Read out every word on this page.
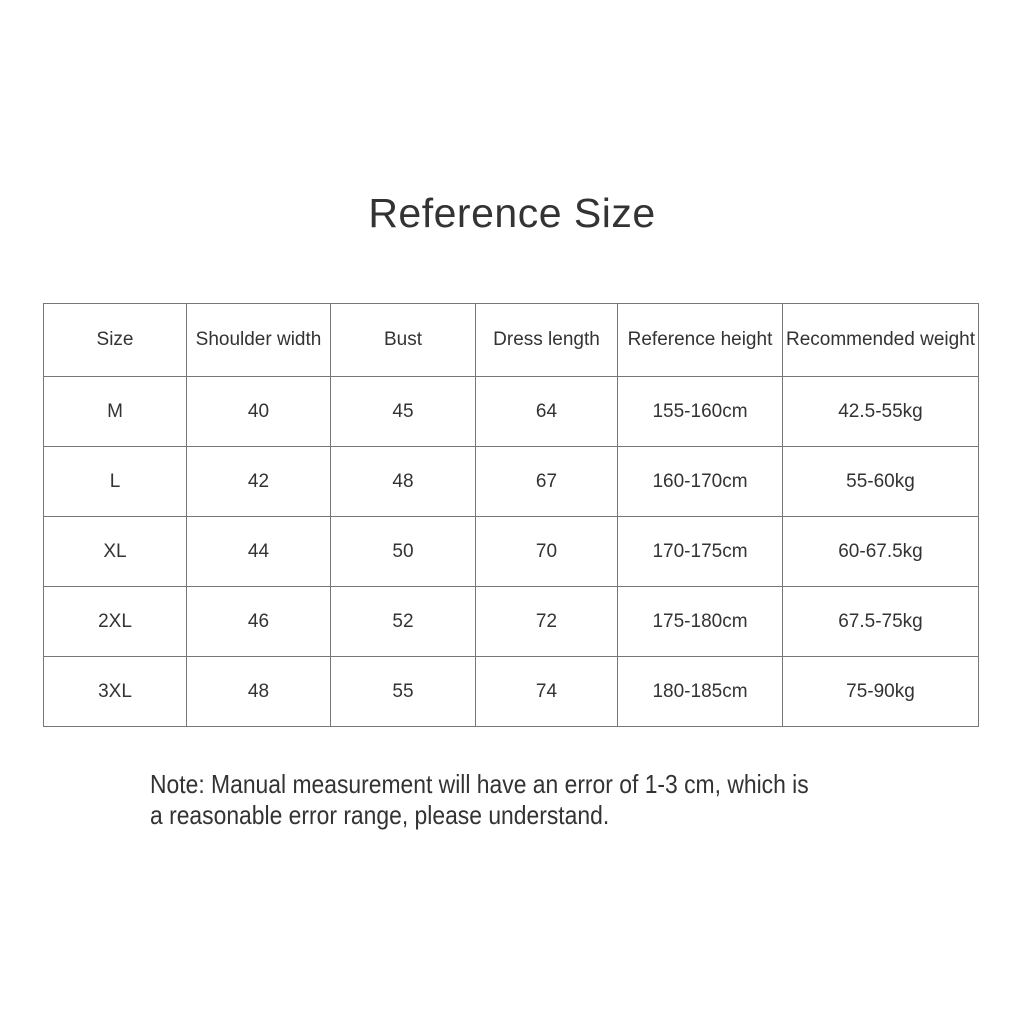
Reference Size
Size	Shoulder width	Bust	Dress length	Reference height	Recommended weight
M	40	45	64	155-160cm	42.5-55kg
L	42	48	67	160-170cm	55-60kg
XL	44	50	70	170-175cm	60-67.5kg
2XL	46	52	72	175-180cm	67.5-75kg
3XL	48	55	74	180-185cm	75-90kg
Note: Manual measurement will have an error of 1-3 cm, which is
a reasonable error range, please understand.
